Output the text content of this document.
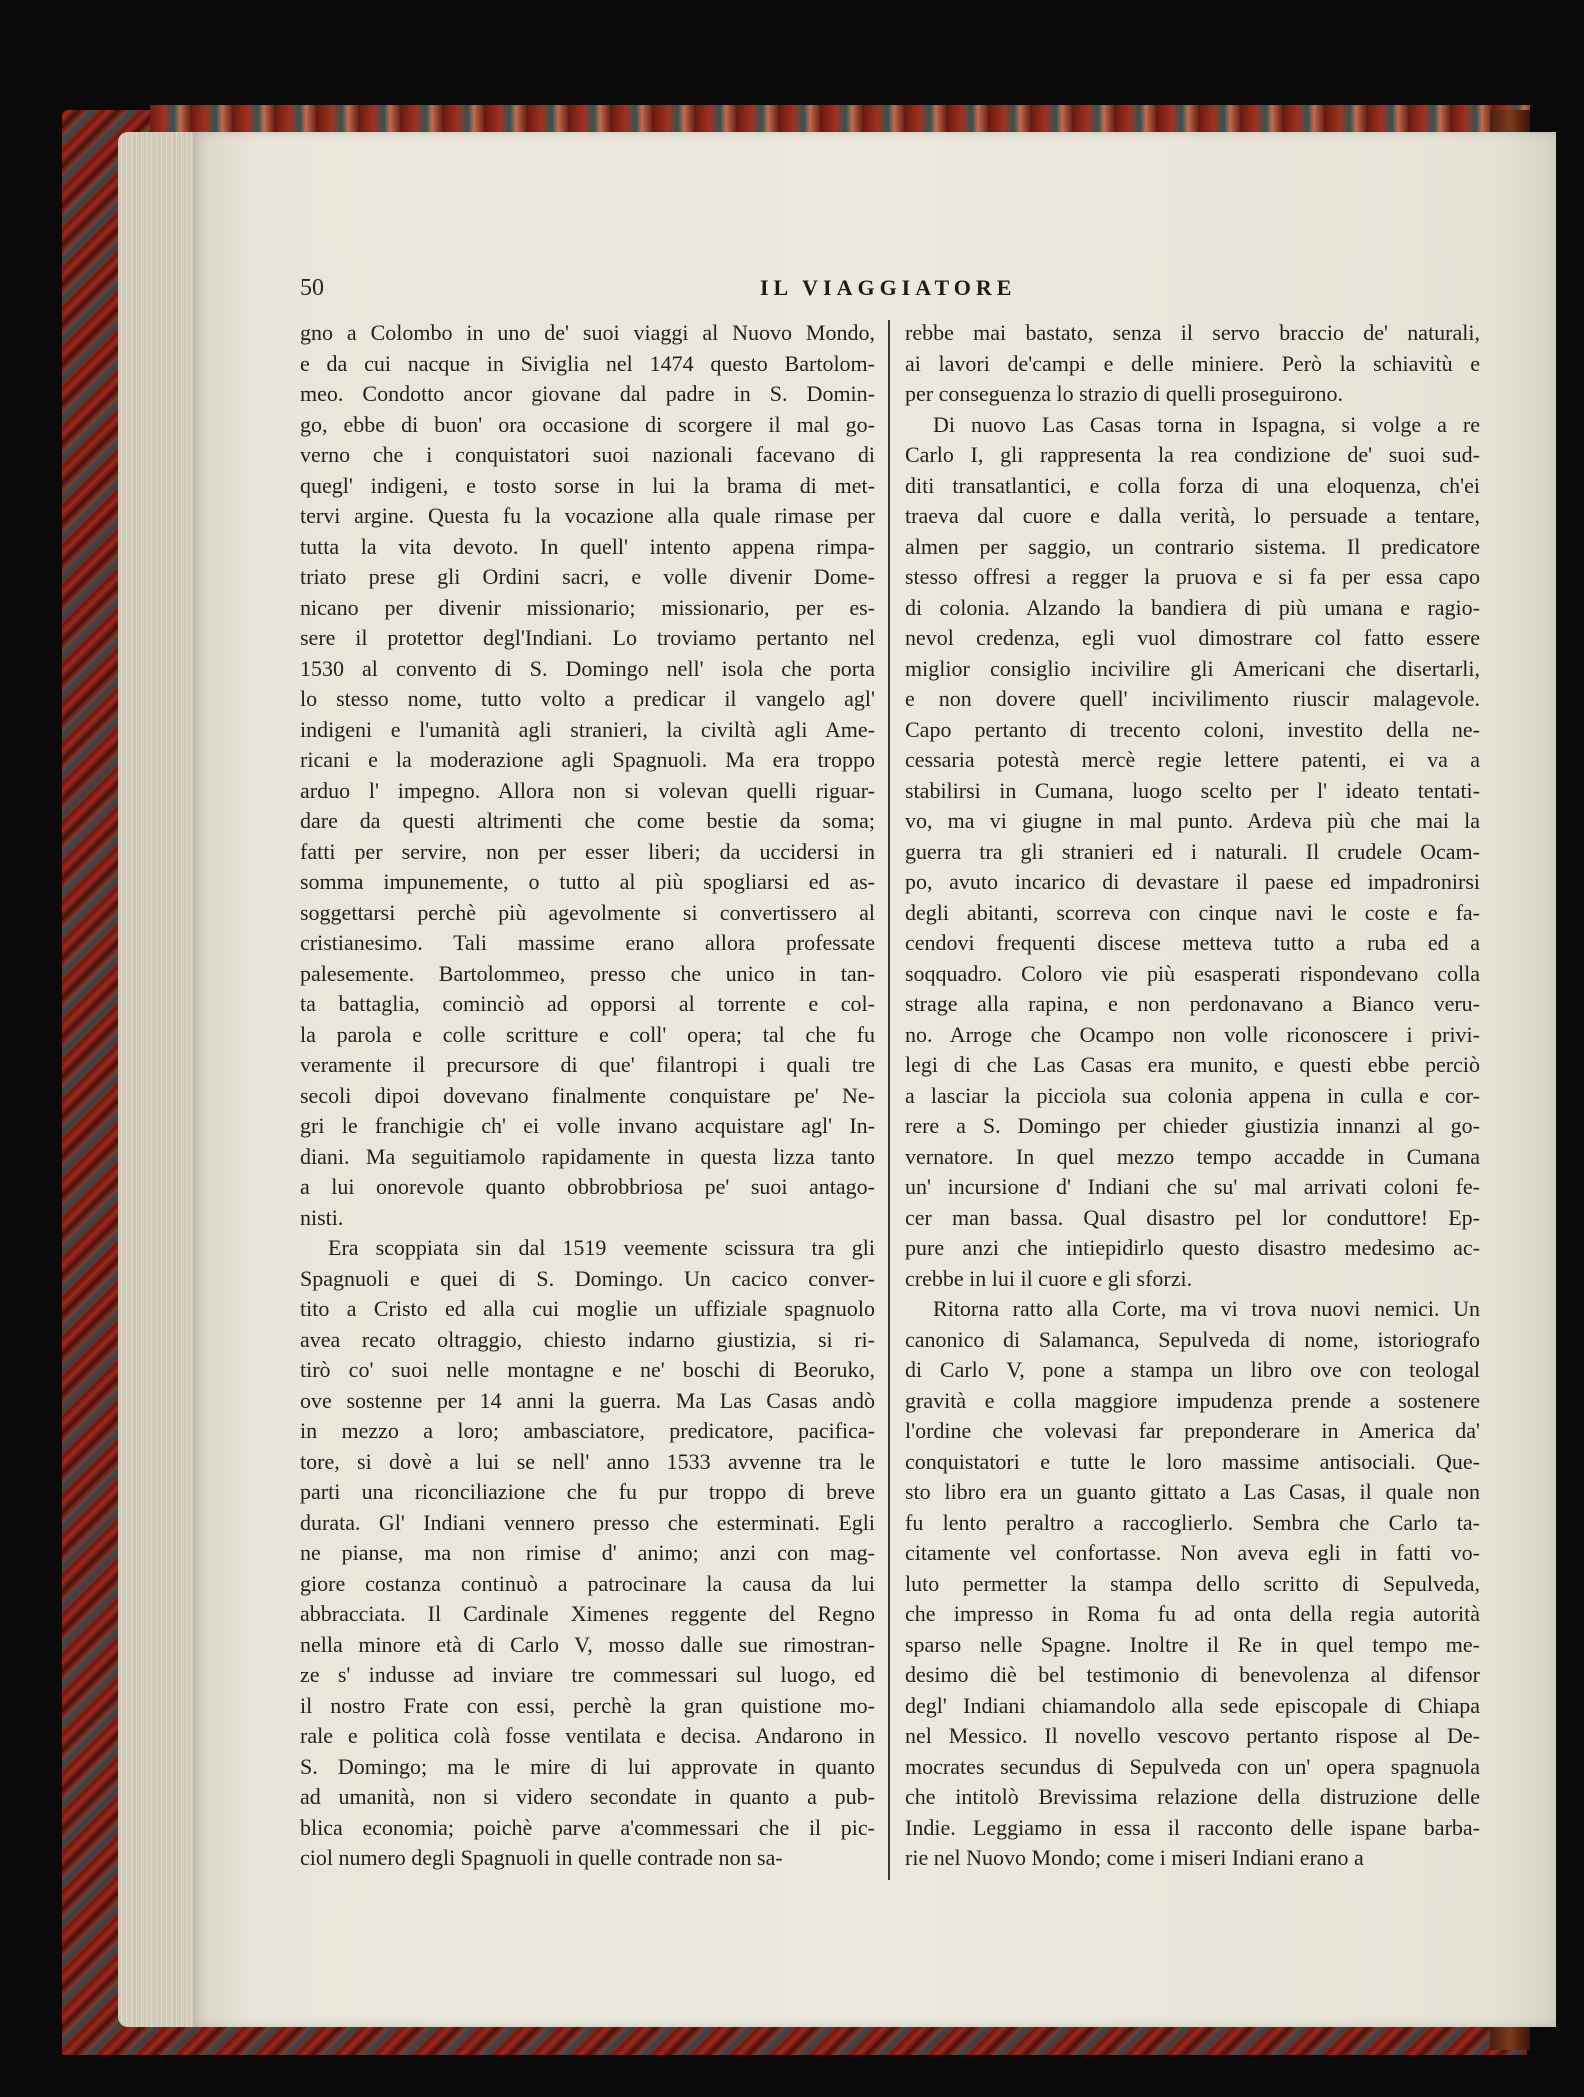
50	IL VIAGGIATORE
gno a Colombo in uno de' suoi viaggi al Nuovo Mondo,
e da cui nacque in Siviglia nel 1474 questo Bartolom-
meo. Condotto ancor giovane dal padre in S. Domin-
go, ebbe di buon' ora occasione di scorgere il mal go-
verno che i conquistatori suoi nazionali facevano di
quegl' indigeni, e tosto sorse in lui la brama di met-
tervi argine. Questa fu la vocazione alla quale rimase per
tutta la vita devoto. In quell' intento appena rimpa-
triato prese gli Ordini sacri, e volle divenir Dome-
nicano per divenir missionario; missionario, per es-
sere il protettor degl'Indiani. Lo troviamo pertanto nel
1530 al convento di S. Domingo nell' isola che porta
lo stesso nome, tutto volto a predicar il vangelo agl'
indigeni e l'umanità agli stranieri, la civiltà agli Ame-
ricani e la moderazione agli Spagnuoli. Ma era troppo
arduo l' impegno. Allora non si volevan quelli riguar-
dare da questi altrimenti che come bestie da soma;
fatti per servire, non per esser liberi; da uccidersi in
somma impunemente, o tutto al più spogliarsi ed as-
soggettarsi perchè più agevolmente si convertissero al
cristianesimo. Tali massime erano allora professate
palesemente. Bartolommeo, presso che unico in tan-
ta battaglia, cominciò ad opporsi al torrente e col-
la parola e colle scritture e coll' opera; tal che fu
veramente il precursore di que' filantropi i quali tre
secoli dipoi dovevano finalmente conquistare pe' Ne-
gri le franchigie ch' ei volle invano acquistare agl' In-
diani. Ma seguitiamolo rapidamente in questa lizza tanto
a lui onorevole quanto obbrobbriosa pe' suoi antago-
nisti.
Era scoppiata sin dal 1519 veemente scissura tra gli
Spagnuoli e quei di S. Domingo. Un cacico conver-
tito a Cristo ed alla cui moglie un uffiziale spagnuolo
avea recato oltraggio, chiesto indarno giustizia, si ri-
tirò co' suoi nelle montagne e ne' boschi di Beoruko,
ove sostenne per 14 anni la guerra. Ma Las Casas andò
in mezzo a loro; ambasciatore, predicatore, pacifica-
tore, si dovè a lui se nell' anno 1533 avvenne tra le
parti una riconciliazione che fu pur troppo di breve
durata. Gl' Indiani vennero presso che esterminati. Egli
ne pianse, ma non rimise d' animo; anzi con mag-
giore costanza continuò a patrocinare la causa da lui
abbracciata. Il Cardinale Ximenes reggente del Regno
nella minore età di Carlo V, mosso dalle sue rimostran-
ze s' indusse ad inviare tre commessari sul luogo, ed
il nostro Frate con essi, perchè la gran quistione mo-
rale e politica colà fosse ventilata e decisa. Andarono in
S. Domingo; ma le mire di lui approvate in quanto
ad umanità, non si videro secondate in quanto a pub-
blica economia; poichè parve a'commessari che il pic-
ciol numero degli Spagnuoli in quelle contrade non sa-
rebbe mai bastato, senza il servo braccio de' naturali,
ai lavori de'campi e delle miniere. Però la schiavitù e
per conseguenza lo strazio di quelli proseguirono.
Di nuovo Las Casas torna in Ispagna, si volge a re
Carlo I, gli rappresenta la rea condizione de' suoi sud-
diti transatlantici, e colla forza di una eloquenza, ch'ei
traeva dal cuore e dalla verità, lo persuade a tentare,
almen per saggio, un contrario sistema. Il predicatore
stesso offresi a regger la pruova e si fa per essa capo
di colonia. Alzando la bandiera di più umana e ragio-
nevol credenza, egli vuol dimostrare col fatto essere
miglior consiglio incivilire gli Americani che disertarli,
e non dovere quell' incivilimento riuscir malagevole.
Capo pertanto di trecento coloni, investito della ne-
cessaria potestà mercè regie lettere patenti, ei va a
stabilirsi in Cumana, luogo scelto per l' ideato tentati-
vo, ma vi giugne in mal punto. Ardeva più che mai la
guerra tra gli stranieri ed i naturali. Il crudele Ocam-
po, avuto incarico di devastare il paese ed impadronirsi
degli abitanti, scorreva con cinque navi le coste e fa-
cendovi frequenti discese metteva tutto a ruba ed a
soqquadro. Coloro vie più esasperati rispondevano colla
strage alla rapina, e non perdonavano a Bianco veru-
no. Arroge che Ocampo non volle riconoscere i privi-
legi di che Las Casas era munito, e questi ebbe perciò
a lasciar la picciola sua colonia appena in culla e cor-
rere a S. Domingo per chieder giustizia innanzi al go-
vernatore. In quel mezzo tempo accadde in Cumana
un' incursione d' Indiani che su' mal arrivati coloni fe-
cer man bassa. Qual disastro pel lor conduttore! Ep-
pure anzi che intiepidirlo questo disastro medesimo ac-
crebbe in lui il cuore e gli sforzi.
Ritorna ratto alla Corte, ma vi trova nuovi nemici. Un
canonico di Salamanca, Sepulveda di nome, istoriografo
di Carlo V, pone a stampa un libro ove con teologal
gravità e colla maggiore impudenza prende a sostenere
l'ordine che volevasi far preponderare in America da'
conquistatori e tutte le loro massime antisociali. Que-
sto libro era un guanto gittato a Las Casas, il quale non
fu lento peraltro a raccoglierlo. Sembra che Carlo ta-
citamente vel confortasse. Non aveva egli in fatti vo-
luto permetter la stampa dello scritto di Sepulveda,
che impresso in Roma fu ad onta della regia autorità
sparso nelle Spagne. Inoltre il Re in quel tempo me-
desimo diè bel testimonio di benevolenza al difensor
degl' Indiani chiamandolo alla sede episcopale di Chiapa
nel Messico. Il novello vescovo pertanto rispose al De-
mocrates secundus di Sepulveda con un' opera spagnuola
che intitolò Brevissima relazione della distruzione delle
Indie. Leggiamo in essa il racconto delle ispane barba-
rie nel Nuovo Mondo; come i miseri Indiani erano a
